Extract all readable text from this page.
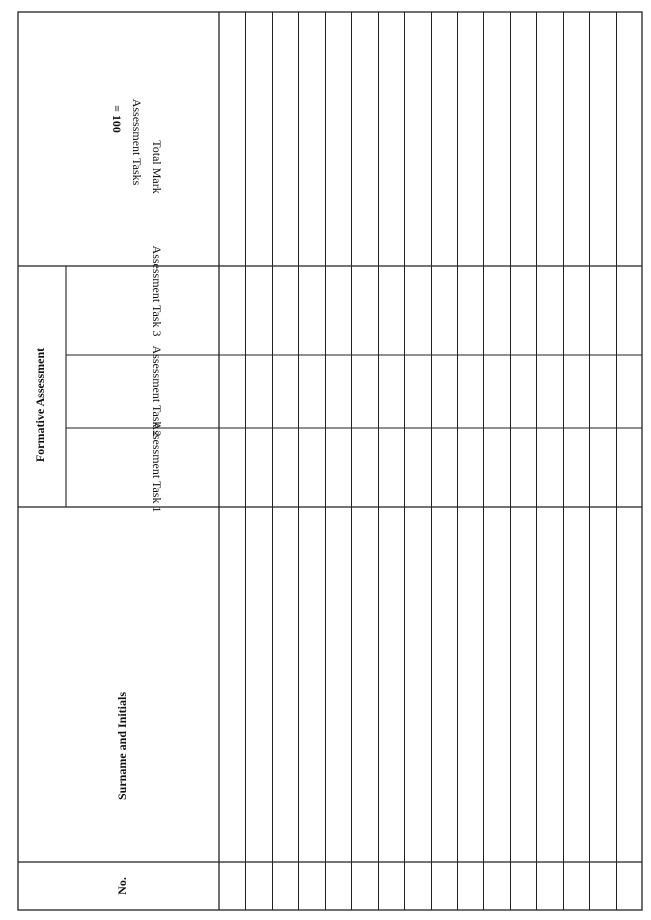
No.
Surname and Initials
Formative Assessment
Assessment Task 1
Assessment Task 2
Assessment Task 3
Total Mark
Assessment Tasks
= 100
